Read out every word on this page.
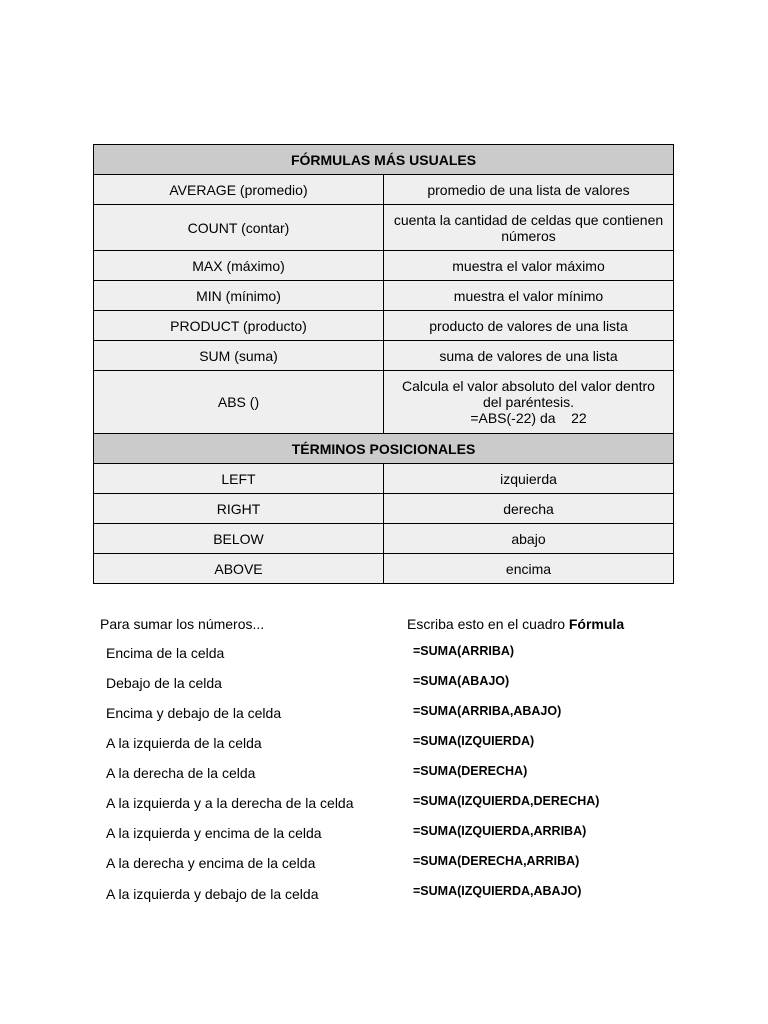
FÓRMULAS MÁS USUALES	
AVERAGE (promedio)	promedio de una lista de valores

COUNT (contar)	cuenta la cantidad de celdas que contienen
números

MAX (máximo)	muestra el valor máximo

MIN (mínimo)	muestra el valor mínimo

PRODUCT (producto)	producto de valores de una lista

SUM (suma)	suma de valores de una lista

ABS ()	Calcula el valor absoluto del valor dentro
del paréntesis.
=ABS(-22) da    22

TÉRMINOS POSICIONALES	
LEFT	izquierda
RIGHT	derecha
BELOW	abajo
ABOVE	encima
Para sumar los números...	Escriba esto en el cuadro Fórmula
Encima de la celda	=SUMA(ARRIBA)
Debajo de la celda	=SUMA(ABAJO)
Encima y debajo de la celda	=SUMA(ARRIBA,ABAJO)
A la izquierda de la celda	=SUMA(IZQUIERDA)
A la derecha de la celda	=SUMA(DERECHA)
A la izquierda y a la derecha de la celda	=SUMA(IZQUIERDA,DERECHA)
A la izquierda y encima de la celda	=SUMA(IZQUIERDA,ARRIBA)
A la derecha y encima de la celda	=SUMA(DERECHA,ARRIBA)
A la izquierda y debajo de la celda	=SUMA(IZQUIERDA,ABAJO)
